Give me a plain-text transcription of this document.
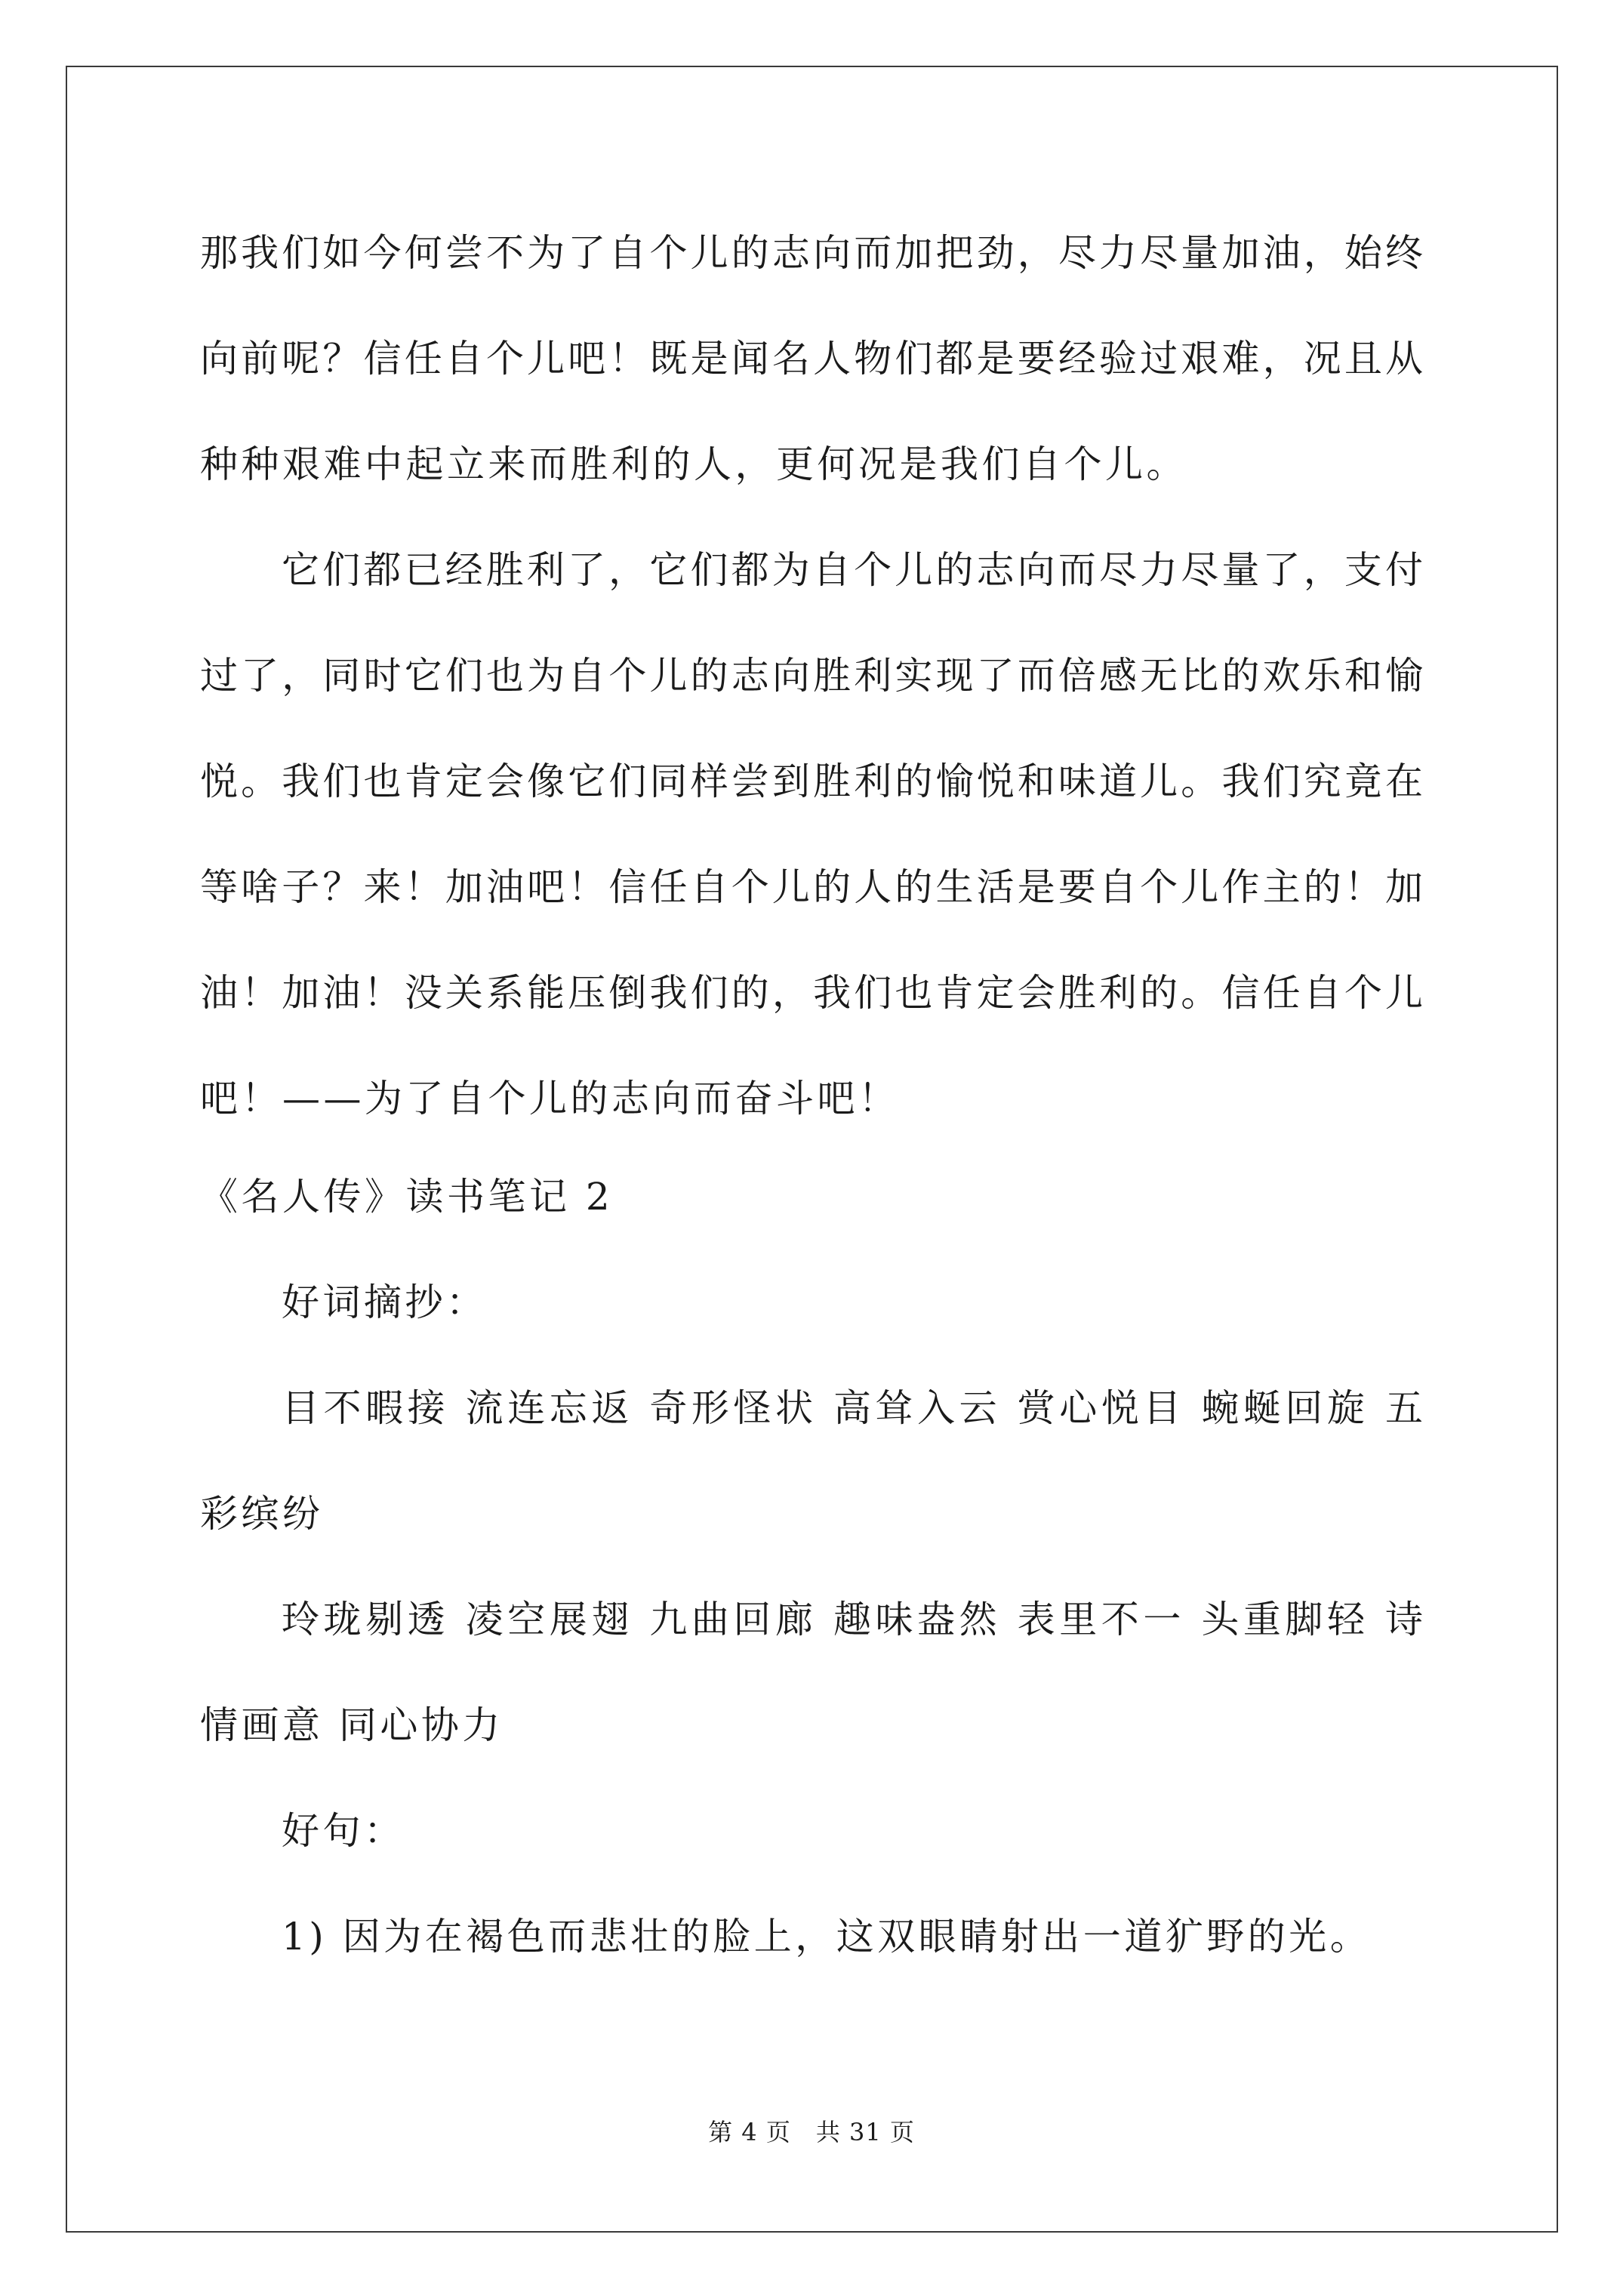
那我们如今何尝不为了自个儿的志向而加把劲，尽力尽量加油，始终
向前呢？信任自个儿吧！既是闻名人物们都是要经验过艰难，况且从
种种艰难中起立来而胜利的人，更何况是我们自个儿。
它们都已经胜利了，它们都为自个儿的志向而尽力尽量了，支付
过了，同时它们也为自个儿的志向胜利实现了而倍感无比的欢乐和愉
悦。我们也肯定会像它们同样尝到胜利的愉悦和味道儿。我们究竟在
等啥子？来！加油吧！信任自个儿的人的生活是要自个儿作主的！加
油！加油！没关系能压倒我们的，我们也肯定会胜利的。信任自个儿
吧！——为了自个儿的志向而奋斗吧！
《名人传》读书笔记 2
好词摘抄：
目不暇接 流连忘返 奇形怪状 高耸入云 赏心悦目 蜿蜒回旋 五
彩缤纷
玲珑剔透 凌空展翅 九曲回廊 趣味盎然 表里不一 头重脚轻 诗
情画意 同心协力
好句：
1) 因为在褐色而悲壮的脸上，这双眼睛射出一道犷野的光。
第 4 页　共 31 页
